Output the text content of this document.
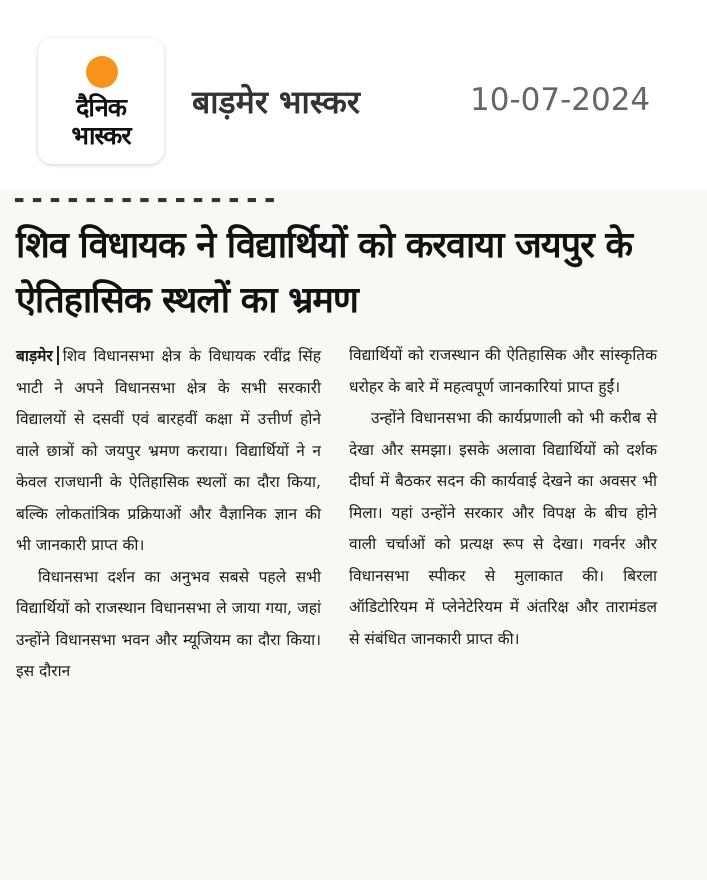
दैनिक
भास्कर
बाड़मेर भास्कर	10-07-2024
▬ ▬ ▬ ▬ ▬ ▬ ▬ ▬ ▬ ▬ ▬ ▬ ▬ ▬ ▬
शिव विधायक ने विद्यार्थियों को करवाया जयपुर के ऐतिहासिक स्थलों का भ्रमण

बाड़मेर शिव विधानसभा क्षेत्र के विधायक रवींद्र सिंह भाटी ने अपने विधानसभा क्षेत्र के सभी सरकारी विद्यालयों से दसवीं एवं बारहवीं कक्षा में उत्तीर्ण होने वाले छात्रों को जयपुर भ्रमण कराया। विद्यार्थियों ने न केवल राजधानी के ऐतिहासिक स्थलों का दौरा किया, बल्कि लोकतांत्रिक प्रक्रियाओं और वैज्ञानिक ज्ञान की भी जानकारी प्राप्त की।

विधानसभा दर्शन का अनुभव सबसे पहले सभी विद्यार्थियों को राजस्थान विधानसभा ले जाया गया, जहां उन्होंने विधानसभा भवन और म्यूजियम का दौरा किया। इस दौरान

विद्यार्थियों को राजस्थान की ऐतिहासिक और सांस्कृतिक धरोहर के बारे में महत्वपूर्ण जानकारियां प्राप्त हुईं।

उन्होंने विधानसभा की कार्यप्रणाली को भी करीब से देखा और समझा। इसके अलावा विद्यार्थियों को दर्शक दीर्घा में बैठकर सदन की कार्यवाई देखने का अवसर भी मिला। यहां उन्होंने सरकार और विपक्ष के बीच होने वाली चर्चाओं को प्रत्यक्ष रूप से देखा। गवर्नर और विधानसभा स्पीकर से मुलाकात की। बिरला ऑडिटोरियम में प्लेनेटेरियम में अंतरिक्ष और तारामंडल से संबंधित जानकारी प्राप्त की।
